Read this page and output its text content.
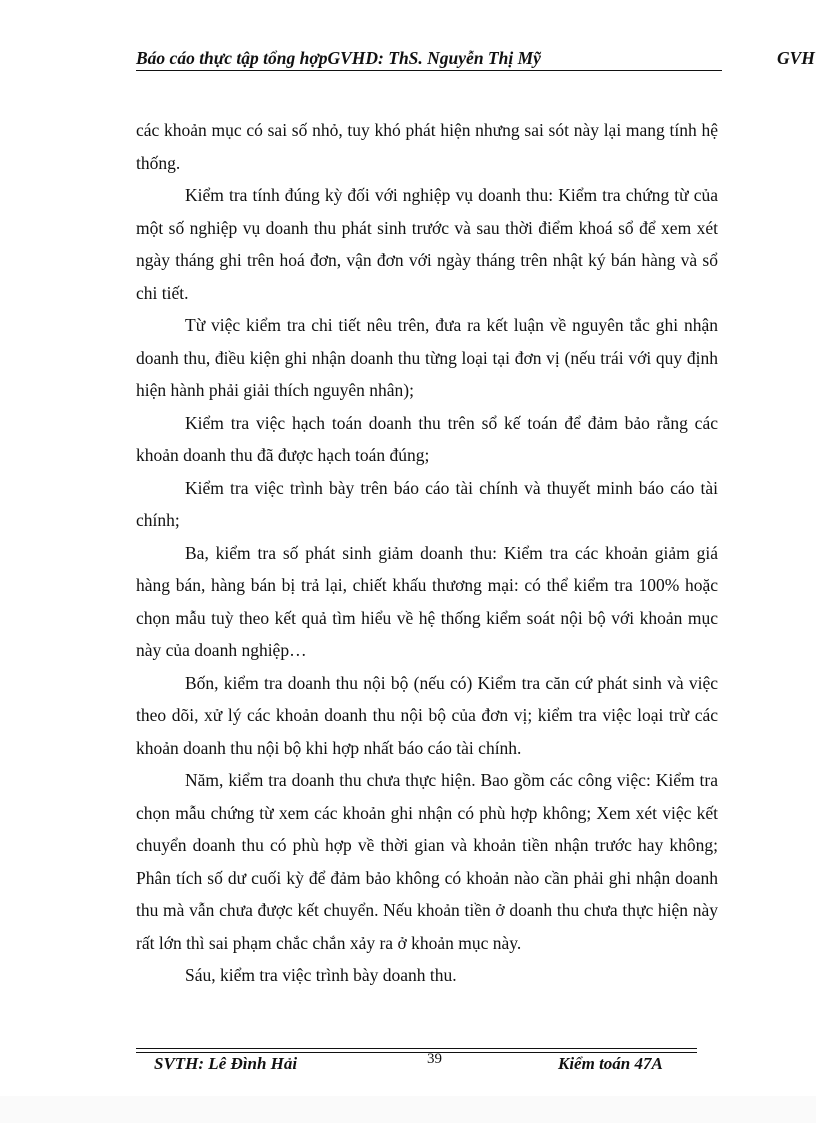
Báo cáo thực tập tổng hợpGVHD: ThS. Nguyễn Thị Mỹ	GVH

các khoản mục có sai số nhỏ, tuy khó phát hiện nhưng sai sót này lại mang tính hệ thống.

Kiểm tra tính đúng kỳ đối với nghiệp vụ doanh thu: Kiểm tra chứng từ của một số nghiệp vụ doanh thu phát sinh trước và sau thời điểm khoá sổ để xem xét ngày tháng ghi trên hoá đơn, vận đơn với ngày tháng trên nhật ký bán hàng và sổ chi tiết.

Từ việc kiểm tra chi tiết nêu trên, đưa ra kết luận về nguyên tắc ghi nhận doanh thu, điều kiện ghi nhận doanh thu từng loại tại đơn vị (nếu trái với quy định hiện hành phải giải thích nguyên nhân);

Kiểm tra việc hạch toán doanh thu trên sổ kế toán để đảm bảo rằng các khoản doanh thu đã được hạch toán đúng;

Kiểm tra việc trình bày trên báo cáo tài chính và thuyết minh báo cáo tài chính;

Ba, kiểm tra số phát sinh giảm doanh thu: Kiểm tra các khoản giảm giá hàng bán, hàng bán bị trả lại, chiết khấu thương mại: có thể kiểm tra 100% hoặc chọn mẫu tuỳ theo kết quả tìm hiểu về hệ thống kiểm soát nội bộ với khoản mục này của doanh nghiệp…

Bốn, kiểm tra doanh thu nội bộ (nếu có) Kiểm tra căn cứ phát sinh và việc theo dõi, xử lý các khoản doanh thu nội bộ của đơn vị; kiểm tra việc loại trừ các khoản doanh thu nội bộ khi hợp nhất báo cáo tài chính.

Năm, kiểm tra doanh thu chưa thực hiện. Bao gồm các công việc: Kiểm tra chọn mẫu chứng từ xem các khoản ghi nhận có phù hợp không; Xem xét việc kết chuyển doanh thu có phù hợp về thời gian và khoản tiền nhận trước hay không; Phân tích số dư cuối kỳ để đảm bảo không có khoản nào cần phải ghi nhận doanh thu mà vẫn chưa được kết chuyển. Nếu khoản tiền ở doanh thu chưa thực hiện này rất lớn thì sai phạm chắc chắn xảy ra ở khoản mục này.

Sáu, kiểm tra việc trình bày doanh thu.

SVTH: Lê Đình Hải	39	Kiểm toán 47A
